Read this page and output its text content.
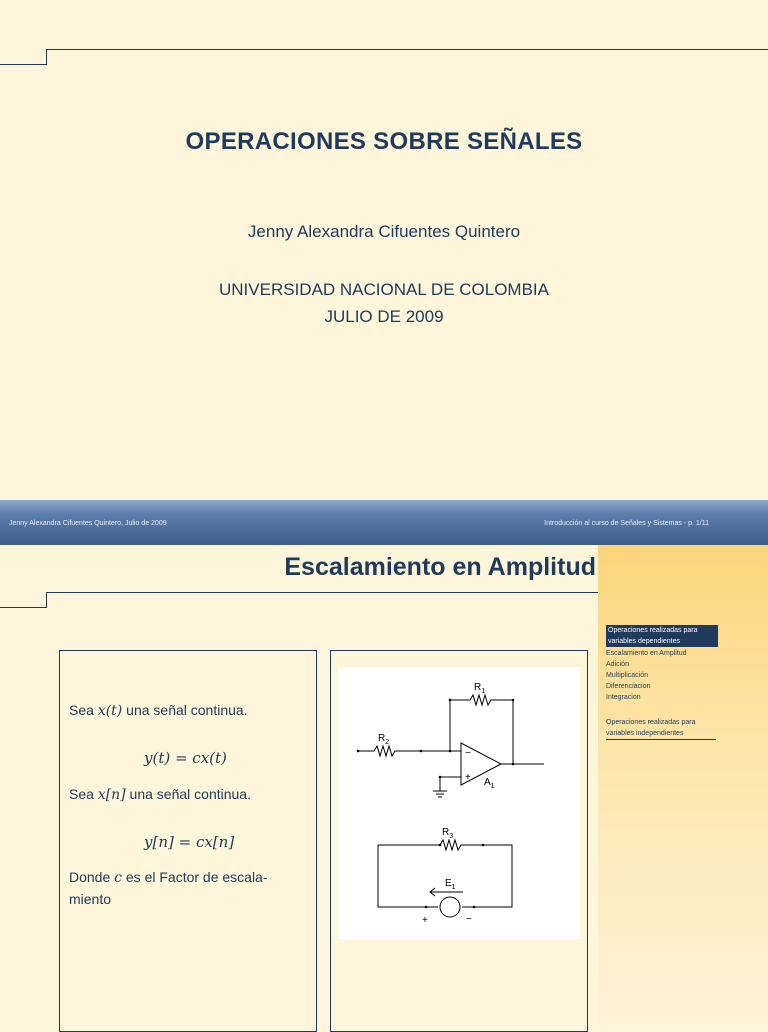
OPERACIONES SOBRE SEÑALES
Jenny Alexandra Cifuentes Quintero
UNIVERSIDAD NACIONAL DE COLOMBIA
JULIO DE 2009
Jenny Alexandra Cifuentes Quintero, Julio de 2009	Introducción al curso de Señales y Sistemas - p. 1/11
Operaciones realizadas para
variables dependientes
Escalamiento en Amplitud
Adición
Multiplicación
Diferenciacion
Integracion
Operaciones realizadas para
variables independientes
Escalamiento en Amplitud
Sea x(t) una señal continua.
y(t) = cx(t)
Sea x[n] una señal continua.
y[n] = cx[n]
Donde c es el Factor de escala-
miento
$R_1$
$R_2$
$A_1$
−
+
$R_3$
$E_1$
+	−
